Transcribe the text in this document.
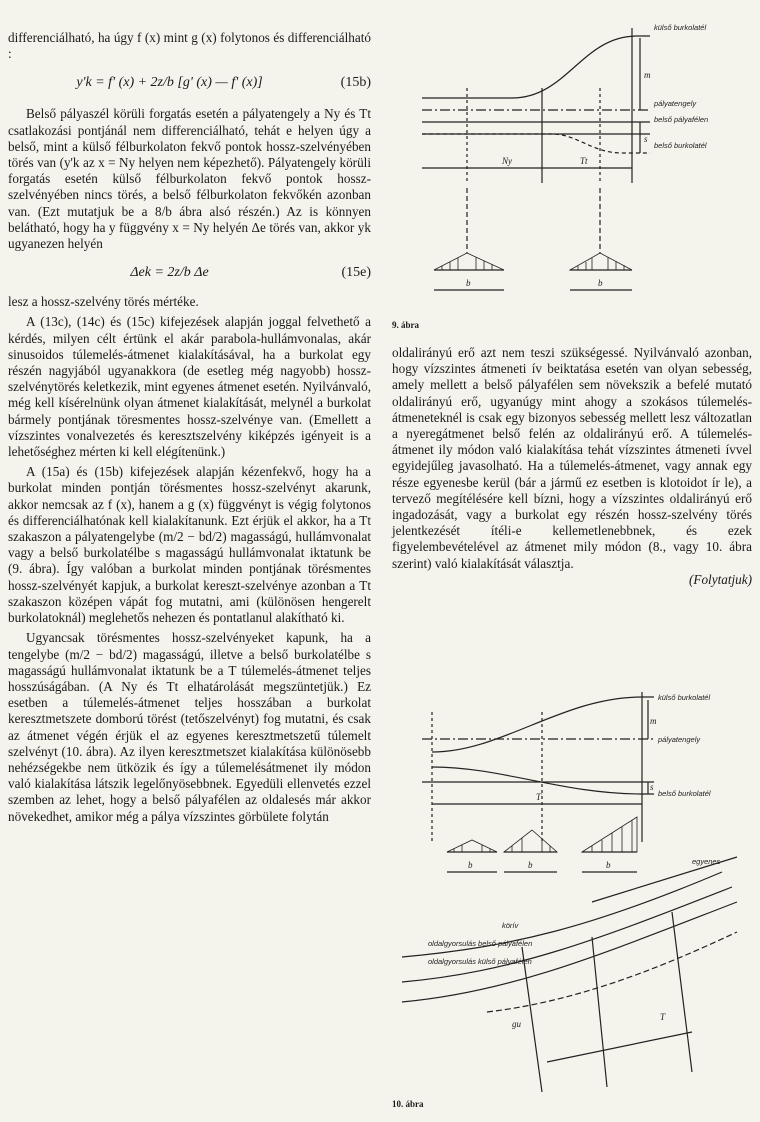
differenciálható, ha úgy f (x) mint g (x) folytonos és differenciálható :

y'k = f' (x) + 2z/b [g' (x) — f' (x)]	(15b)

Belső pályaszél körüli forgatás esetén a pályatengely a Ny és Tt csatlakozási pontjánál nem differenciálható, tehát e helyen úgy a belső, mint a külső félburkolaton fekvő pontok hossz-szelvényében törés van (y'k az x = Ny helyen nem képezhető). Pályatengely körüli forgatás esetén külső félburkolaton fekvő pontok hossz-szelvényében nincs törés, a belső félburkolaton fekvőkén azonban van. (Ezt mutatjuk be a 8/b ábra alsó részén.) Az is könnyen belátható, hogy ha y függvény x = Ny helyén Δe törés van, akkor yk ugyanezen helyén

Δek = 2z/b Δe	(15e)

lesz a hossz-szelvény törés mértéke.

A (13c), (14c) és (15c) kifejezések alapján joggal felvethető a kérdés, milyen célt értünk el akár parabola-hullámvonalas, akár sinusoidos túlemelés-átmenet kialakításával, ha a burkolat egy részén nagyjából ugyanakkora (de esetleg még nagyobb) hossz-szelvénytörés keletkezik, mint egyenes átmenet esetén. Nyilvánvaló, még kell kísérelnünk olyan átmenet kialakítását, melynél a burkolat bármely pontjának töresmentes hossz-szelvénye van. (Emellett a vízszintes vonalvezetés és keresztszelvény kiképzés igényeit is a lehetőséghez mérten ki kell elégítenünk.)

A (15a) és (15b) kifejezések alapján kézenfekvő, hogy ha a burkolat minden pontján törésmentes hossz-szelvényt akarunk, akkor nemcsak az f (x), hanem a g (x) függvényt is végig folytonos és differenciálhatónak kell kialakítanunk. Ezt érjük el akkor, ha a Tt szakaszon a pályatengelybe (m/2 − bd/2) magasságú, hullámvonalat vagy a belső burkolatélbe s magasságú hullámvonalat iktatunk be (9. ábra). Így valóban a burkolat minden pontjának törésmentes hossz-szelvényét kapjuk, a burkolat kereszt-szelvénye azonban a Tt szakaszon középen vápát fog mutatni, ami (különösen hengerelt burkolatoknál) meglehetős nehezen és pontatlanul alakítható ki.

Ugyancsak törésmentes hossz-szelvényeket kapunk, ha a tengelybe (m/2 − bd/2) magasságú, illetve a belső burkolatélbe s magasságú hullámvonalat iktatunk be a T túlemelés-átmenet teljes hosszúságában. (A Ny és Tt elhatárolását megszüntetjük.) Ez esetben a túlemelés-átmenet teljes hosszában a burkolat keresztmetszete domború törést (tetőszelvényt) fog mutatni, és csak az átmenet végén érjük el az egyenes keresztmetszetű túlemelt szelvényt (10. ábra). Az ilyen keresztmetszet kialakítása különösebb nehézségekbe nem ütközik és így a túlemelésátmenet ily módon való kialakítása látszik legelőnyösebbnek. Egyedüli ellenvetés ezzel szemben az lehet, hogy a belső pályafélen az oldalesés már akkor növekedhet, amikor még a pálya vízszintes görbülete folytán

külső burkolatél
pályatengely
belső pályafélen
belső burkolatél
Ny	Tt
m
s
b	b
9. ábra

oldalirányú erő azt nem teszi szükségessé. Nyilvánvaló azonban, hogy vízszintes átmeneti ív beiktatása esetén van olyan sebesség, amely mellett a belső pályafélen sem növekszik a befelé mutató oldalirányú erő, ugyanúgy mint ahogy a szokásos túlemelés-átmeneteknél is csak egy bizonyos sebesség mellett lesz változatlan a nyeregátmenet belső felén az oldalirányú erő. A túlemelés-átmenet ily módon való kialakítása tehát vízszintes átmeneti ívvel egyidejűleg javasolható. Ha a túlemelés-átmenet, vagy annak egy része egyenesbe kerül (bár a jármű ez esetben is klotoidot ír le), a tervező megítélésére kell bízni, hogy a vízszintes oldalirányú erő ingadozását, vagy a burkolat egy részén hossz-szelvény törés jelentkezését ítéli-e kellemetlenebbnek, és ezek figyelembevételével az átmenet mily módon (8., vagy 10. ábra szerint) való kialakítását választja.

(Folytatjuk)

külső burkolatél
pályatengely
belső burkolatél
T
m
s
b	b	b	egyenes
körív
oldalgyorsulás belső pályafélen
oldalgyorsulás külső pályafélen
gu
T
10. ábra
